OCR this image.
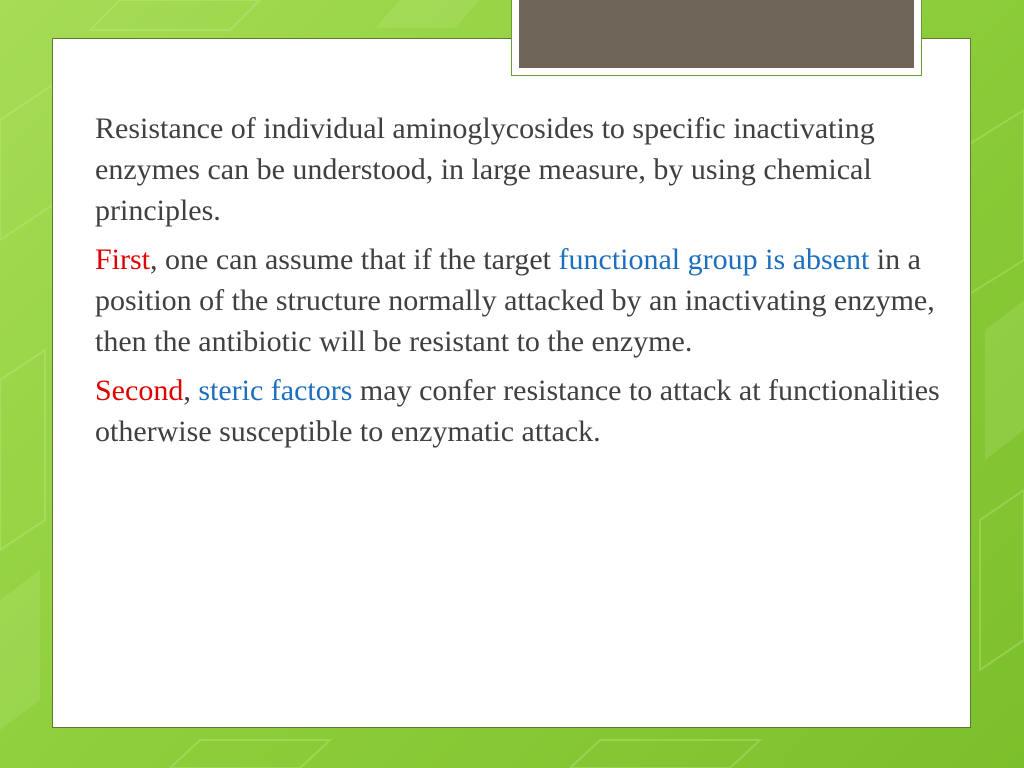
Resistance of individual aminoglycosides to specific inactivating enzymes can be understood, in large measure, by using chemical principles.

First, one can assume that if the target functional group is absent in a position of the structure normally attacked by an inactivating enzyme, then the antibiotic will be resistant to the enzyme.

Second, steric factors may confer resistance to attack at functionalities otherwise susceptible to enzymatic attack.
